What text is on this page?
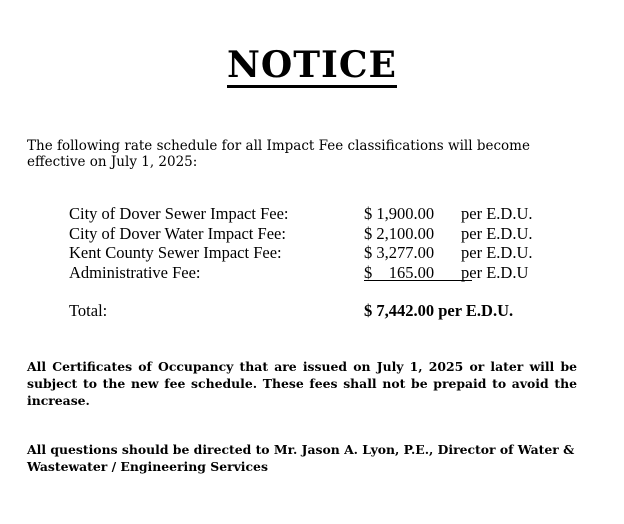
NOTICE
The following rate schedule for all Impact Fee classifications will become effective on July 1, 2025:
City of Dover Sewer Impact Fee:	$ 1,900.00 per E.D.U.
City of Dover Water Impact Fee:	$ 2,100.00 per E.D.U.
Kent County Sewer Impact Fee:	$ 3,277.00 per E.D.U.
Administrative Fee:	$    165.00 per E.D.U
Total:	$ 7,442.00 per E.D.U.
All Certificates of Occupancy that are issued on July 1, 2025 or later will be subject to the new fee schedule. These fees shall not be prepaid to avoid the increase.
All questions should be directed to Mr. Jason A. Lyon, P.E., Director of Water & Wastewater / Engineering Services
